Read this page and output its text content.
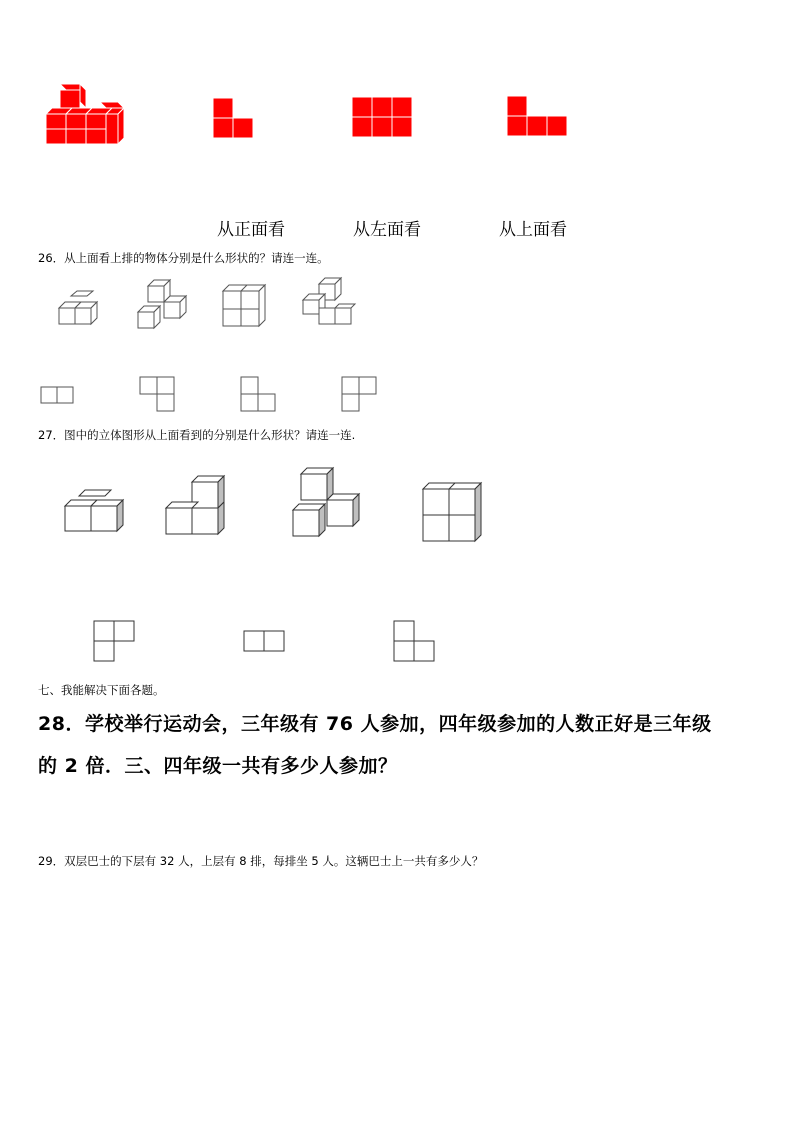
从正面看	从左面看	从上面看
26．从上面看上排的物体分别是什么形状的？请连一连。
27．图中的立体图形从上面看到的分别是什么形状？请连一连.
七、我能解决下面各题。
28．学校举行运动会，三年级有 76 人参加，四年级参加的人数正好是三年级
的 2 倍．三、四年级一共有多少人参加？
29．双层巴士的下层有 32 人，上层有 8 排，每排坐 5 人。这辆巴士上一共有多少人？
